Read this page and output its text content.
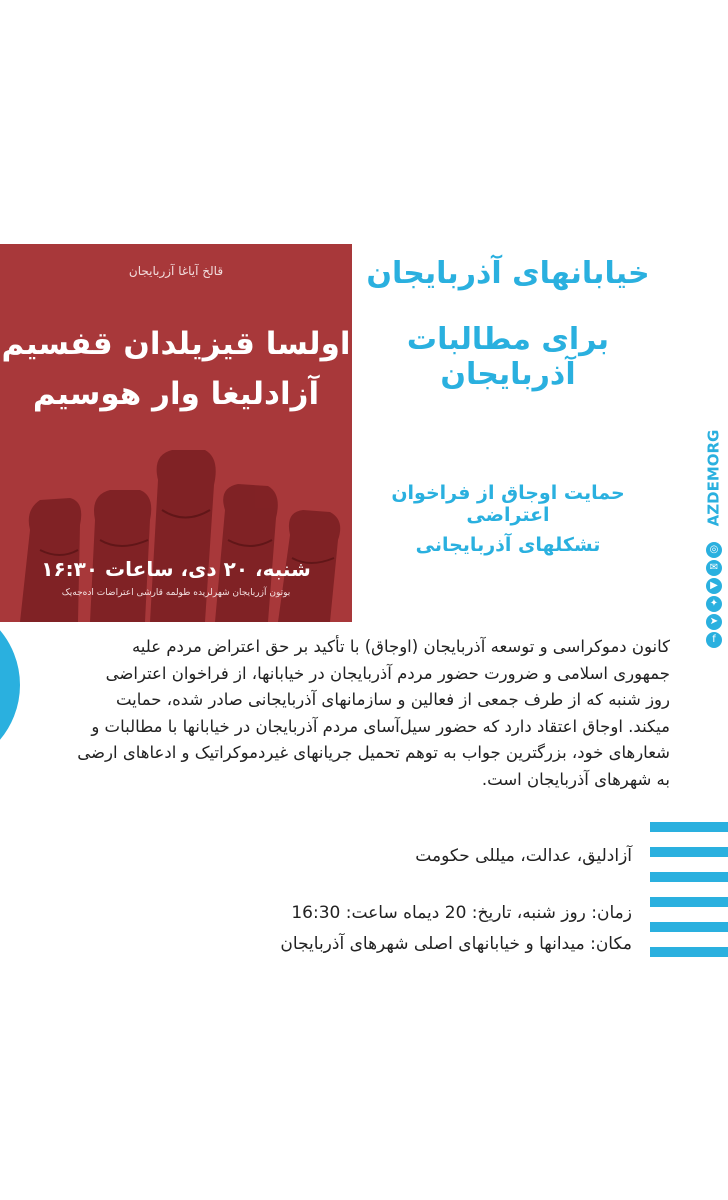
قالخ آياغا آزربايجان
اولسا قيزيلدان قفسيم
آزادليغا وار هوسيم
شنبه، ۲۰ دی، ساعات ۱۶:۳۰
بوتون آزربايجان شهرلريده طولمه قارشی اعتراضات اده‌جه‌يک
خیابانهای آذربایجان
برای مطالبات آذربایجان
حمایت اوجاق از فراخوان اعتراضی
تشکلهای آذربایجانی
AZDEMORG
◎
✉
▶
✦
➤
f
کانون دموکراسی و توسعه آذربایجان (اوجاق) با تأکید بر حق اعتراض مردم علیه
جمهوری اسلامی و ضرورت حضور مردم آذربایجان در خیابانها، از فراخوان اعتراضی
روز شنبه که از طرف جمعی از فعالین و سازمانهای آذربایجانی صادر شده، حمایت
میکند. اوجاق اعتقاد دارد که حضور سیل‌آسای مردم آذربایجان در خیابانها با مطالبات و
شعارهای خود، بزرگترین جواب به توهم تحمیل جریانهای غیردموکراتیک و ادعاهای ارضی
به شهرهای آذربایجان است.
آزادلیق، عدالت، میللی حکومت
زمان: روز شنبه، تاریخ: 20 دیماه ساعت: 16:30
مکان: میدانها و خیابانهای اصلی شهرهای آذربایجان
